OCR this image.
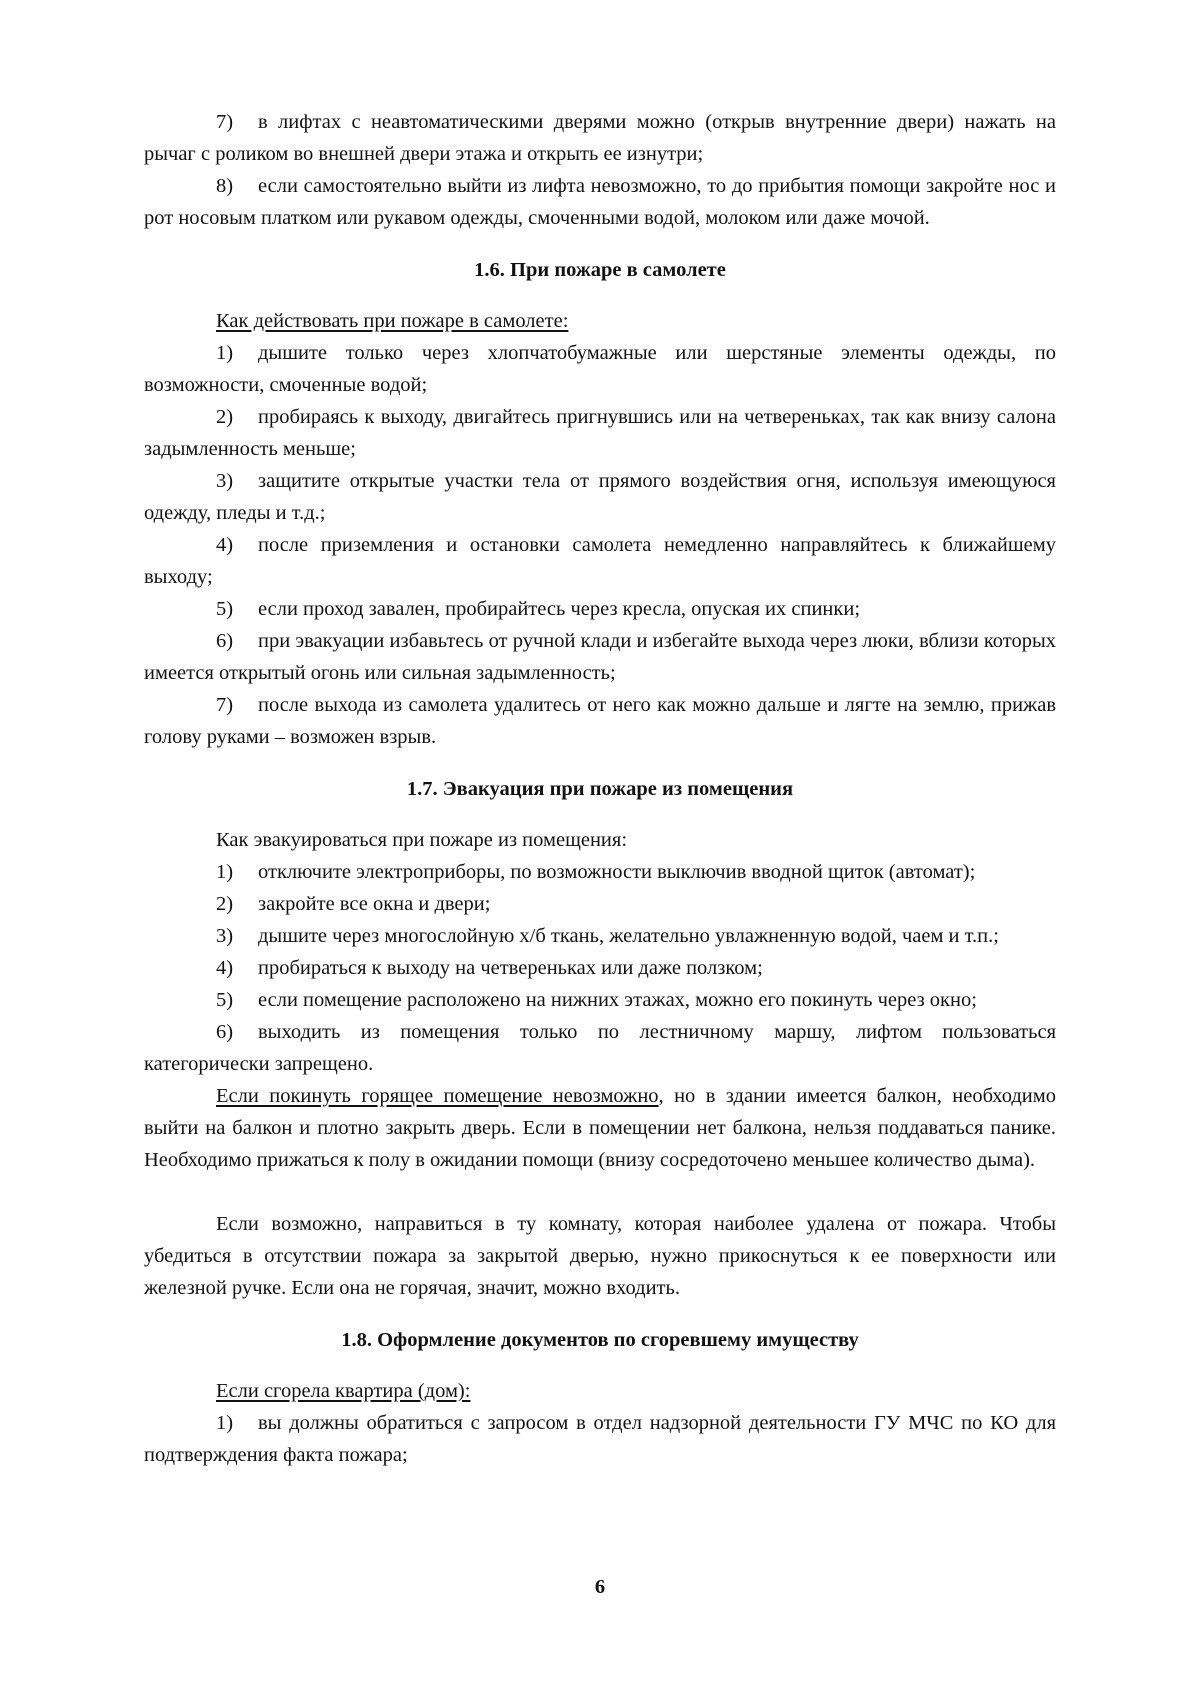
7) в лифтах с неавтоматическими дверями можно (открыв внутренние двери) нажать на рычаг с роликом во внешней двери этажа и открыть ее изнутри;

8) если самостоятельно выйти из лифта невозможно, то до прибытия помощи закройте нос и рот носовым платком или рукавом одежды, смоченными водой, молоком или даже мочой.

1.6. При пожаре в самолете

Как действовать при пожаре в самолете:

1) дышите только через хлопчатобумажные или шерстяные элементы одежды, по возможности, смоченные водой;

2) пробираясь к выходу, двигайтесь пригнувшись или на четвереньках, так как внизу салона задымленность меньше;

3) защитите открытые участки тела от прямого воздействия огня, используя имеющуюся одежду, пледы и т.д.;

4) после приземления и остановки самолета немедленно направляйтесь к ближайшему выходу;

5) если проход завален, пробирайтесь через кресла, опуская их спинки;

6) при эвакуации избавьтесь от ручной клади и избегайте выхода через люки, вблизи которых имеется открытый огонь или сильная задымленность;

7) после выхода из самолета удалитесь от него как можно дальше и лягте на землю, прижав голову руками – возможен взрыв.

1.7. Эвакуация при пожаре из помещения

Как эвакуироваться при пожаре из помещения:

1) отключите электроприборы, по возможности выключив вводной щиток (автомат);

2) закройте все окна и двери;

3) дышите через многослойную х/б ткань, желательно увлажненную водой, чаем и т.п.;

4) пробираться к выходу на четвереньках или даже ползком;

5) если помещение расположено на нижних этажах, можно его покинуть через окно;

6) выходить из помещения только по лестничному маршу, лифтом пользоваться категорически запрещено.

Если покинуть горящее помещение невозможно, но в здании имеется балкон, необходимо выйти на балкон и плотно закрыть дверь. Если в помещении нет балкона, нельзя поддаваться панике. Необходимо прижаться к полу в ожидании помощи (внизу сосредоточено меньшее количество дыма).

Если возможно, направиться в ту комнату, которая наиболее удалена от пожара. Чтобы убедиться в отсутствии пожара за закрытой дверью, нужно прикоснуться к ее поверхности или железной ручке. Если она не горячая, значит, можно входить.

1.8. Оформление документов по сгоревшему имуществу

Если сгорела квартира (дом):

1) вы должны обратиться с запросом в отдел надзорной деятельности ГУ МЧС по КО для подтверждения факта пожара;

6
